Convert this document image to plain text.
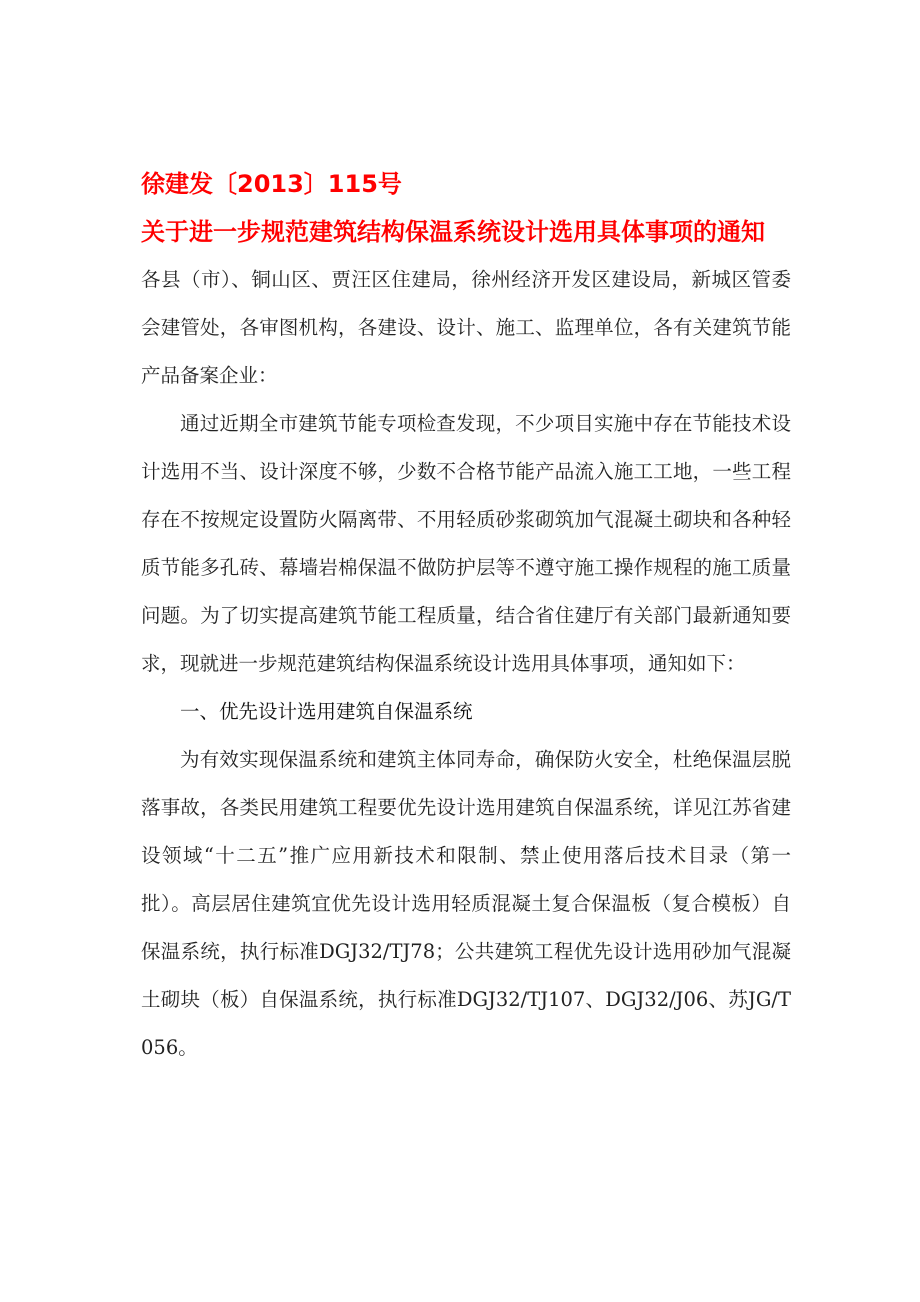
徐建发〔2013〕115号

关于进一步规范建筑结构保温系统设计选用具体事项的通知

各县（市）、铜山区、贾汪区住建局，徐州经济开发区建设局，新城区管委会建管处，各审图机构，各建设、设计、施工、监理单位，各有关建筑节能产品备案企业：

通过近期全市建筑节能专项检查发现，不少项目实施中存在节能技术设计选用不当、设计深度不够，少数不合格节能产品流入施工工地，一些工程存在不按规定设置防火隔离带、不用轻质砂浆砌筑加气混凝土砌块和各种轻质节能多孔砖、幕墙岩棉保温不做防护层等不遵守施工操作规程的施工质量问题。为了切实提高建筑节能工程质量，结合省住建厅有关部门最新通知要求，现就进一步规范建筑结构保温系统设计选用具体事项，通知如下：

一、优先设计选用建筑自保温系统

为有效实现保温系统和建筑主体同寿命，确保防火安全，杜绝保温层脱落事故，各类民用建筑工程要优先设计选用建筑自保温系统，详见江苏省建设领域“十二五”推广应用新技术和限制、禁止使用落后技术目录（第一批）。高层居住建筑宜优先设计选用轻质混凝土复合保温板（复合模板）自保温系统，执行标准DGJ32/TJ78；公共建筑工程优先设计选用砂加气混凝土砌块（板）自保温系统，执行标准DGJ32/TJ107、DGJ32/J06、苏JG/T056。
